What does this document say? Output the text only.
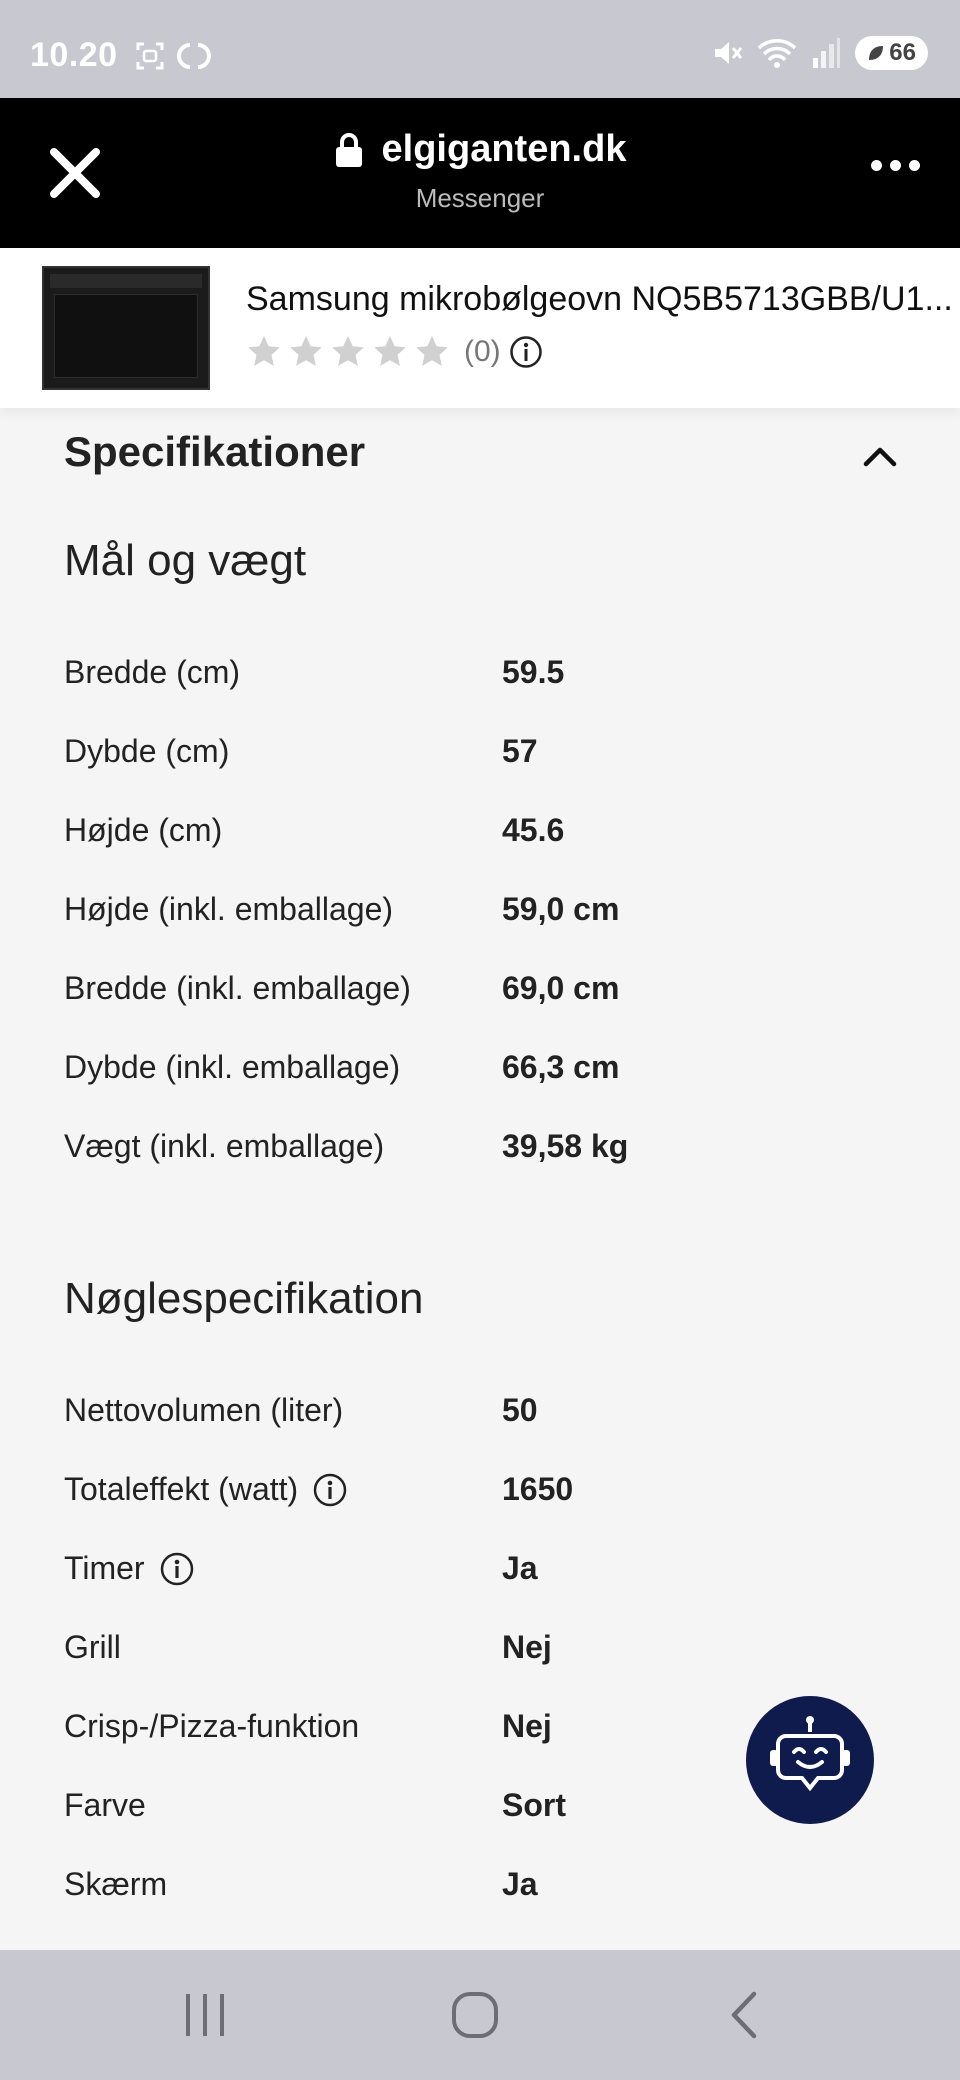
10.20	66
elgiganten.dk
Messenger
Samsung mikrobølgeovn NQ5B5713GBB/U1...
(0)
Specifikationer
Mål og vægt
Bredde (cm)	59.5
Dybde (cm)	57
Højde (cm)	45.6
Højde (inkl. emballage)	59,0 cm
Bredde (inkl. emballage)	69,0 cm
Dybde (inkl. emballage)	66,3 cm
Vægt (inkl. emballage)	39,58 kg
Nøglespecifikation
Nettovolumen (liter)	50
Totaleffekt (watt)	1650
Timer	Ja
Grill	Nej
Crisp-/Pizza-funktion	Nej
Farve	Sort
Skærm	Ja
